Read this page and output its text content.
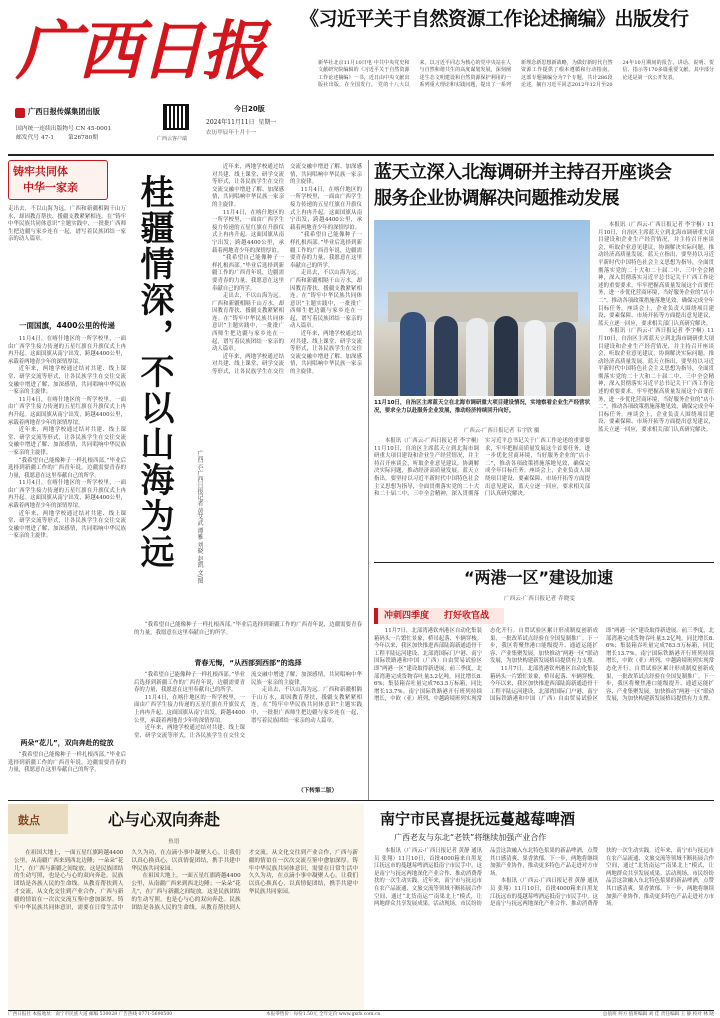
广西日报
广西日报传媒集团出版
国内统一连续出版物号 CN 45-0001
邮发代号 47-1 第26780期	广西云客户端
今日20版
2024年11月11日 星期一
农历甲辰年十月十一
《习近平关于自然资源工作论述摘编》出版发行
新华社北京11月10日电 中共中央党史和文献研究院编辑的《习近平关于自然资源工作论述摘编》一书，近日由中央文献出版社出版，在全国发行。 党的十八大以来，以习近平同志为核心的党中央站在人与自然和谐共生的高度谋划发展，深刻阐述生态文明建设和自然资源保护利用的一系列重大理论和实践问题，提出了一系列新理念新思想新战略，为做好新时代自然资源工作提供了根本遵循和行动指南。 这部专题摘编分为7个专题，共计286段论述，摘自习近平同志2012年12月至2024年10月期间的报告、讲话、说明、贺信、指示等170多篇重要文献。其中部分论述是第一次公开发表。
铸牢共同体
中华一家亲
走出去，不以山海为远。广西和新疆相隔千山万水，却因教育帮扶、援疆支教紧紧相连。在“铸牢中华民族共同体意识”主题实践中，一批批广西师生把边疆与家乡连在一起，谱写着民族团结一家亲的动人篇章。
一面国旗，4400公里的传递

11月4日，在喀什地区的一所学校里，一面由广西学生接力传递的五星红旗在升旗仪式上冉冉升起。这面国旗从南宁出发，跨越4400公里，承载着两地青少年的深情厚谊。

近年来，两地学校通过结对共建、线上课堂、研学交流等形式，让各民族学生在交往交流交融中增进了解、加深感情，共同唱响中华民族一家亲的主旋律。

11月4日，在喀什地区的一所学校里，一面由广西学生接力传递的五星红旗在升旗仪式上冉冉升起。这面国旗从南宁出发，跨越4400公里，承载着两地青少年的深情厚谊。

近年来，两地学校通过结对共建、线上课堂、研学交流等形式，让各民族学生在交往交流交融中增进了解、加深感情，共同唱响中华民族一家亲的主旋律。

“我希望自己能像种子一样扎根西部。”毕业后选择到新疆工作的广西青年说，边疆需要青春的力量，我愿意在这里奉献自己的所学。

11月4日，在喀什地区的一所学校里，一面由广西学生接力传递的五星红旗在升旗仪式上冉冉升起。这面国旗从南宁出发，跨越4400公里，承载着两地青少年的深情厚谊。

近年来，两地学校通过结对共建、线上课堂、研学交流等形式，让各民族学生在交往交流交融中增进了解、加深感情，共同唱响中华民族一家亲的主旋律。

两朵“花儿”，双向奔赴的绽放

“我希望自己能像种子一样扎根西部。”毕业后选择到新疆工作的广西青年说，边疆需要青春的力量，我愿意在这里奉献自己的所学。

桂疆情深，不以山海为远	广西云-广西日报记者 黄艾武 谭雅 刘晓 赵凯 文/图

近年来，两地学校通过结对共建、线上课堂、研学交流等形式，让各民族学生在交往交流交融中增进了解、加深感情，共同唱响中华民族一家亲的主旋律。

11月4日，在喀什地区的一所学校里，一面由广西学生接力传递的五星红旗在升旗仪式上冉冉升起。这面国旗从南宁出发，跨越4400公里，承载着两地青少年的深情厚谊。

“我希望自己能像种子一样扎根西部。”毕业后选择到新疆工作的广西青年说，边疆需要青春的力量，我愿意在这里奉献自己的所学。

走出去，不以山海为远。广西和新疆相隔千山万水，却因教育帮扶、援疆支教紧紧相连。在“铸牢中华民族共同体意识”主题实践中，一批批广西师生把边疆与家乡连在一起，谱写着民族团结一家亲的动人篇章。

近年来，两地学校通过结对共建、线上课堂、研学交流等形式，让各民族学生在交往交流交融中增进了解、加深感情，共同唱响中华民族一家亲的主旋律。

11月4日，在喀什地区的一所学校里，一面由广西学生接力传递的五星红旗在升旗仪式上冉冉升起。这面国旗从南宁出发，跨越4400公里，承载着两地青少年的深情厚谊。

“我希望自己能像种子一样扎根西部。”毕业后选择到新疆工作的广西青年说，边疆需要青春的力量，我愿意在这里奉献自己的所学。

走出去，不以山海为远。广西和新疆相隔千山万水，却因教育帮扶、援疆支教紧紧相连。在“铸牢中华民族共同体意识”主题实践中，一批批广西师生把边疆与家乡连在一起，谱写着民族团结一家亲的动人篇章。

近年来，两地学校通过结对共建、线上课堂、研学交流等形式，让各民族学生在交往交流交融中增进了解、加深感情，共同唱响中华民族一家亲的主旋律。

“我希望自己能像种子一样扎根西部。”毕业后选择到新疆工作的广西青年说，边疆需要青春的力量，我愿意在这里奉献自己的所学。

青春无悔，“从西部到西部”的选择

“我希望自己能像种子一样扎根西部。”毕业后选择到新疆工作的广西青年说，边疆需要青春的力量，我愿意在这里奉献自己的所学。

11月4日，在喀什地区的一所学校里，一面由广西学生接力传递的五星红旗在升旗仪式上冉冉升起。这面国旗从南宁出发，跨越4400公里，承载着两地青少年的深情厚谊。

近年来，两地学校通过结对共建、线上课堂、研学交流等形式，让各民族学生在交往交流交融中增进了解、加深感情，共同唱响中华民族一家亲的主旋律。

走出去，不以山海为远。广西和新疆相隔千山万水，却因教育帮扶、援疆支教紧紧相连。在“铸牢中华民族共同体意识”主题实践中，一批批广西师生把边疆与家乡连在一起，谱写着民族团结一家亲的动人篇章。

（下转第二版）
蓝天立深入北海调研并主持召开座谈会
服务企业协调解决问题推动发展

本报讯（广西云-广西日报记者 李宇桐）11月10日，自治区主席蓝天立到北海市调研重大项目建设和企业生产经营情况，并主持召开座谈会，听取企业意见建议，协调解决实际问题，推动经济高质量发展。蓝天立指出，要坚持以习近平新时代中国特色社会主义思想为指导，全面贯彻落实党的二十大和二十届二中、三中全会精神，深入贯彻落实习近平总书记关于广西工作论述的重要要求，牢牢把握高质量发展这个首要任务，进一步优化营商环境，当好服务企业的“店小二”，推动各项政策措施落地见效，确保完成全年目标任务。座谈会上，企业负责人围绕项目建设、要素保障、市场开拓等方面提出意见建议，蓝天立逐一回应，要求相关部门认真研究解决。

本报讯（广西云-广西日报记者 李宇桐）11月10日，自治区主席蓝天立到北海市调研重大项目建设和企业生产经营情况，并主持召开座谈会，听取企业意见建议，协调解决实际问题，推动经济高质量发展。蓝天立指出，要坚持以习近平新时代中国特色社会主义思想为指导，全面贯彻落实党的二十大和二十届二中、三中全会精神，深入贯彻落实习近平总书记关于广西工作论述的重要要求，牢牢把握高质量发展这个首要任务，进一步优化营商环境，当好服务企业的“店小二”，推动各项政策措施落地见效，确保完成全年目标任务。座谈会上，企业负责人围绕项目建设、要素保障、市场开拓等方面提出意见建议，蓝天立逐一回应，要求相关部门认真研究解决。

11月10日，自治区主席蓝天立在北海市调研重大项目建设情况，实地察看企业生产经营状况，要求全力以赴服务企业发展，推动经济持续回升向好。
广西云-广西日报记者 韦宇欣 摄

本报讯（广西云-广西日报记者 李宇桐）11月10日，自治区主席蓝天立到北海市调研重大项目建设和企业生产经营情况，并主持召开座谈会，听取企业意见建议，协调解决实际问题，推动经济高质量发展。蓝天立指出，要坚持以习近平新时代中国特色社会主义思想为指导，全面贯彻落实党的二十大和二十届二中、三中全会精神，深入贯彻落实习近平总书记关于广西工作论述的重要要求，牢牢把握高质量发展这个首要任务，进一步优化营商环境，当好服务企业的“店小二”，推动各项政策措施落地见效，确保完成全年目标任务。座谈会上，企业负责人围绕项目建设、要素保障、市场开拓等方面提出意见建议，蓝天立逐一回应，要求相关部门认真研究解决。

“两港一区”建设加速
广西云-广西日报记者 乔晓雯
冲刺四季度 打好收官战

11月7日，北部湾港钦州港区自动化集装箱码头一片繁忙景象，桥吊起落、车辆穿梭。今年以来，我区加快推进西部陆海新通道骨干工程平陆运河建设，北部湾国际门户港、南宁国际铁路港和中国（广西）自由贸易试验区即“两港一区”建设取得新进展。前三季度，北部湾港完成货物吞吐量3.2亿吨，同比增长8.6%；集装箱吞吐量完成763.5万标箱，同比增长13.7%。南宁国际铁路港开行班列持续增长，中欧（亚）班列、中越跨境班列实现常态化开行。自贸试验区累计形成制度创新成果，一批改革试点经验在全国复制推广。下一步，我区将聚焦港口能级提升、通道运能扩容、产业集聚发展，加快推动“两港一区”联动发展，为加快构建新发展格局提供有力支撑。

11月7日，北部湾港钦州港区自动化集装箱码头一片繁忙景象，桥吊起落、车辆穿梭。今年以来，我区加快推进西部陆海新通道骨干工程平陆运河建设，北部湾国际门户港、南宁国际铁路港和中国（广西）自由贸易试验区即“两港一区”建设取得新进展。前三季度，北部湾港完成货物吞吐量3.2亿吨，同比增长8.6%；集装箱吞吐量完成763.5万标箱，同比增长13.7%。南宁国际铁路港开行班列持续增长，中欧（亚）班列、中越跨境班列实现常态化开行。自贸试验区累计形成制度创新成果，一批改革试点经验在全国复制推广。下一步，我区将聚焦港口能级提升、通道运能扩容、产业集聚发展，加快推动“两港一区”联动发展，为加快构建新发展格局提供有力支撑。

鼓点	心与心双向奔赴
鱼语

在祖国大地上，一面五星红旗跨越4400公里，从南疆广西来到西北边陲；一朵朵“花儿”，在广西与新疆之间绽放。这是民族团结的生动写照，也是心与心的双向奔赴。民族团结是各族人民的生命线。从教育帮扶到人才交流，从文化交往到产业合作，广西与新疆的情谊在一次次交流互鉴中愈加深厚。铸牢中华民族共同体意识，需要在日常生活中久久为功，在点滴小事中凝聚人心。让我们以真心换真心，以真情促团结，携手共建中华民族共同家园。

在祖国大地上，一面五星红旗跨越4400公里，从南疆广西来到西北边陲；一朵朵“花儿”，在广西与新疆之间绽放。这是民族团结的生动写照，也是心与心的双向奔赴。民族团结是各族人民的生命线。从教育帮扶到人才交流，从文化交往到产业合作，广西与新疆的情谊在一次次交流互鉴中愈加深厚。铸牢中华民族共同体意识，需要在日常生活中久久为功，在点滴小事中凝聚人心。让我们以真心换真心，以真情促团结，携手共建中华民族共同家园。

南宁市民喜提抚远蔓越莓啤酒
广西老友与东北“老铁”将继续加强产业合作

本报讯（广西云-广西日报记者 黄静 通讯员 张翔）11月10日，首批4000箱来自黑龙江抚远市的蔓越莓啤酒运抵南宁市民手中。这是南宁与抚远两地深化产业合作、推动消费帮扶的一次生动实践。近年来，南宁市与抚远市在农产品流通、文旅交流等领域不断拓展合作空间，通过“北货南运”“南果北上”模式，让两地群众共享发展成果。活动现场，市民纷纷品尝这款融入东北特色浆果的新品啤酒，点赞其口感清爽、果香浓郁。下一步，两地将继续加强产业协作，推动更多特色产品走进对方市场。

本报讯（广西云-广西日报记者 黄静 通讯员 张翔）11月10日，首批4000箱来自黑龙江抚远市的蔓越莓啤酒运抵南宁市民手中。这是南宁与抚远两地深化产业合作、推动消费帮扶的一次生动实践。近年来，南宁市与抚远市在农产品流通、文旅交流等领域不断拓展合作空间，通过“北货南运”“南果北上”模式，让两地群众共享发展成果。活动现场，市民纷纷品尝这款融入东北特色浆果的新品啤酒，点赞其口感清爽、果香浓郁。下一步，两地将继续加强产业协作，推动更多特色产品走进对方市场。

广西日报社 本报地址：南宁市民族大道 邮编 530028 广告热线 0771-5690500	本报零售价：每份1.50元 全年定价 www.gxrb.com.cn	总值班 何方 值班编辑 刘 佳 责任编辑 王 静 校对 林 晓
